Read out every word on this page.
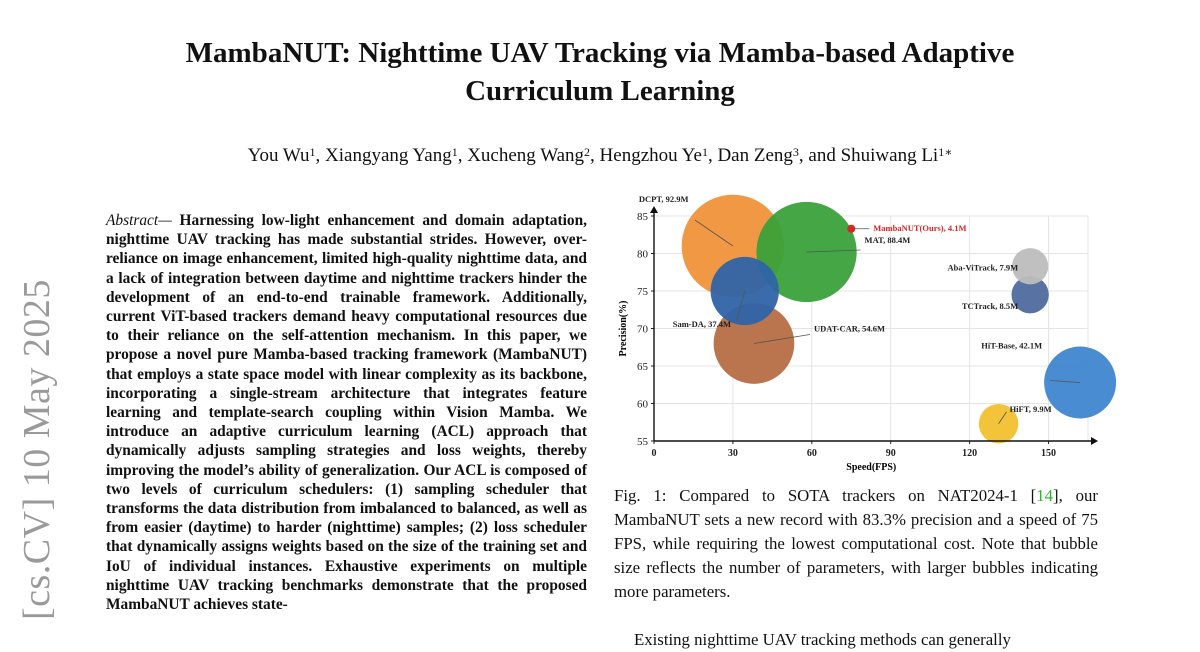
MambaNUT: Nighttime UAV Tracking via Mamba-based Adaptive
Curriculum Learning
You Wu$^1$, Xiangyang Yang$^1$, Xucheng Wang$^2$, Hengzhou Ye$^1$, Dan Zeng$^3$, and Shuiwang $Li^{1∗}$
[cs.CV] 10 May 2025
Abstract— Harnessing low-light enhancement and domain adaptation, nighttime UAV tracking has made substantial strides. However, over-reliance on image enhancement, limited high-quality nighttime data, and a lack of integration between daytime and nighttime trackers hinder the development of an end-to-end trainable framework. Additionally, current ViT-based trackers demand heavy computational resources due to their reliance on the self-attention mechanism. In this paper, we propose a novel pure Mamba-based tracking framework (MambaNUT) that employs a state space model with linear complexity as its backbone, incorporating a single-stream architecture that integrates feature learning and template-search coupling within Vision Mamba. We introduce an adaptive curriculum learning (ACL) approach that dynamically adjusts sampling strategies and loss weights, thereby improving the model’s ability of generalization. Our ACL is composed of two levels of curriculum schedulers: (1) sampling scheduler that transforms the data distribution from imbalanced to balanced, as well as from easier (daytime) to harder (nighttime) samples; (2) loss scheduler that dynamically assigns weights based on the size of the training set and IoU of individual instances. Exhaustive experiments on multiple nighttime UAV tracking benchmarks demonstrate that the proposed MambaNUT achieves state-
DCPT, 92.9M
MAT, 88.4M
UDAT-CAR, 54.6M
HiT-Base, 42.1M
Sam-DA, 37.4M
HiFT, 9.9M
TCTrack, 8.5M
Aba-ViTrack, 7.9M
MambaNUT(Ours), 4.1M
55
60
65
70
75
80
85
0	30	60	90	120	150
Speed(FPS)
Precision(%)
Fig. 1: Compared to SOTA trackers on NAT2024-1 [14], our MambaNUT sets a new record with 83.3% precision and a speed of 75 FPS, while requiring the lowest computational cost. Note that bubble size reflects the number of parameters, with larger bubbles indicating more parameters.
Existing nighttime UAV tracking methods can generally
